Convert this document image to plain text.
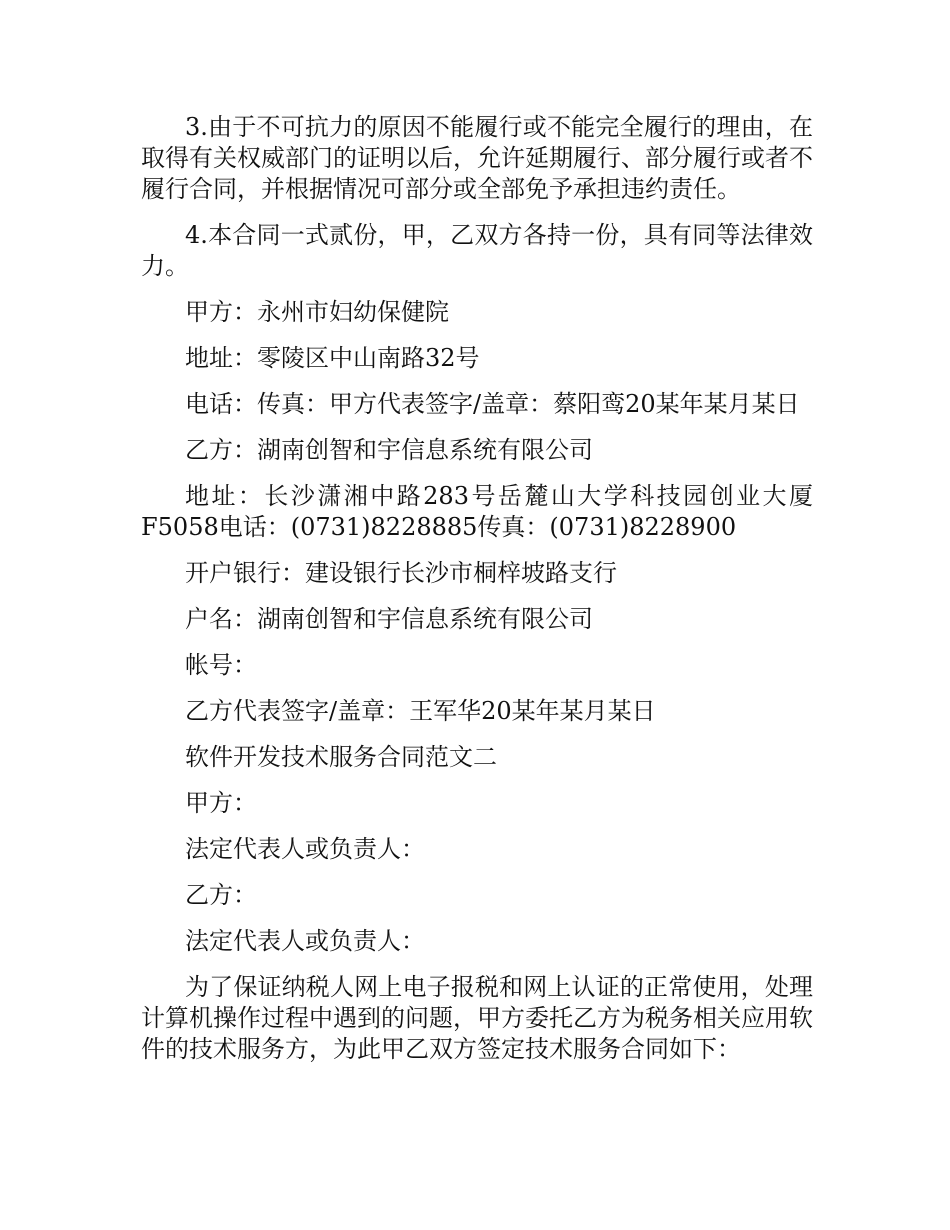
3.由于不可抗力的原因不能履行或不能完全履行的理由，在取得有关权威部门的证明以后，允许延期履行、部分履行或者不履行合同，并根据情况可部分或全部免予承担违约责任。

4.本合同一式贰份，甲，乙双方各持一份，具有同等法律效力。

甲方：永州市妇幼保健院

地址：零陵区中山南路32号

电话：传真：甲方代表签字/盖章：蔡阳鸾20某年某月某日

乙方：湖南创智和宇信息系统有限公司

地址：长沙潇湘中路283号岳麓山大学科技园创业大厦F5058电话：(0731)8228885传真：(0731)8228900

开户银行：建设银行长沙市桐梓坡路支行

户名：湖南创智和宇信息系统有限公司

帐号：

乙方代表签字/盖章：王军华20某年某月某日

软件开发技术服务合同范文二

甲方：

法定代表人或负责人：

乙方：

法定代表人或负责人：

为了保证纳税人网上电子报税和网上认证的正常使用，处理计算机操作过程中遇到的问题，甲方委托乙方为税务相关应用软件的技术服务方，为此甲乙双方签定技术服务合同如下：
